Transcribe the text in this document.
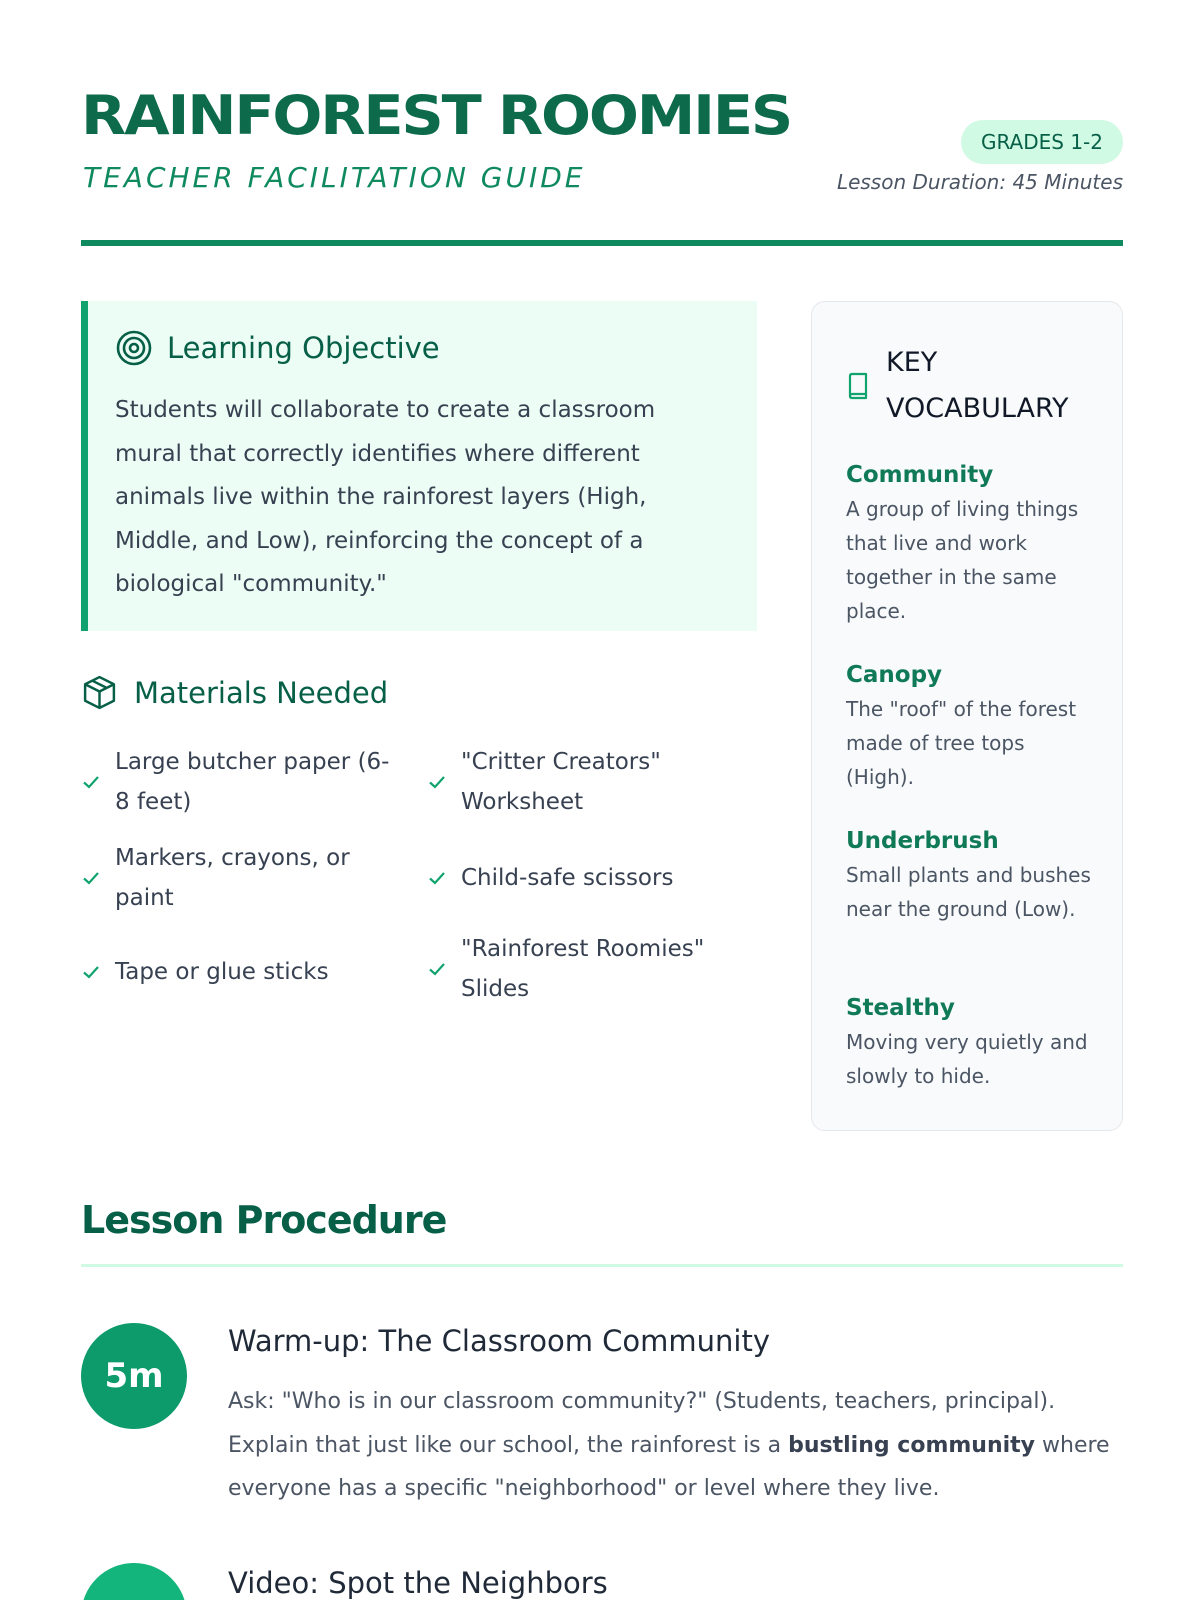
RAINFOREST ROOMIES
TEACHER FACILITATION GUIDE
GRADES 1-2
Lesson Duration: 45 Minutes
Learning Objective
Students will collaborate to create a classroom mural that correctly identifies where different animals live within the rainforest layers (High, Middle, and Low), reinforcing the concept of a biological "community."
Materials Needed
Large butcher paper (6-8 feet)
"Critter Creators" Worksheet
Markers, crayons, or paint
Child-safe scissors
Tape or glue sticks
"Rainforest Roomies" Slides
KEY VOCABULARY
Community
A group of living things that live and work together in the same place.
Canopy
The "roof" of the forest made of tree tops (High).
Underbrush
Small plants and bushes near the ground (Low).
Stealthy
Moving very quietly and slowly to hide.
Lesson Procedure
5m
Warm-up: The Classroom Community
Ask: "Who is in our classroom community?" (Students, teachers, principal). Explain that just like our school, the rainforest is a bustling community where everyone has a specific "neighborhood" or level where they live.
Video: Spot the Neighbors
